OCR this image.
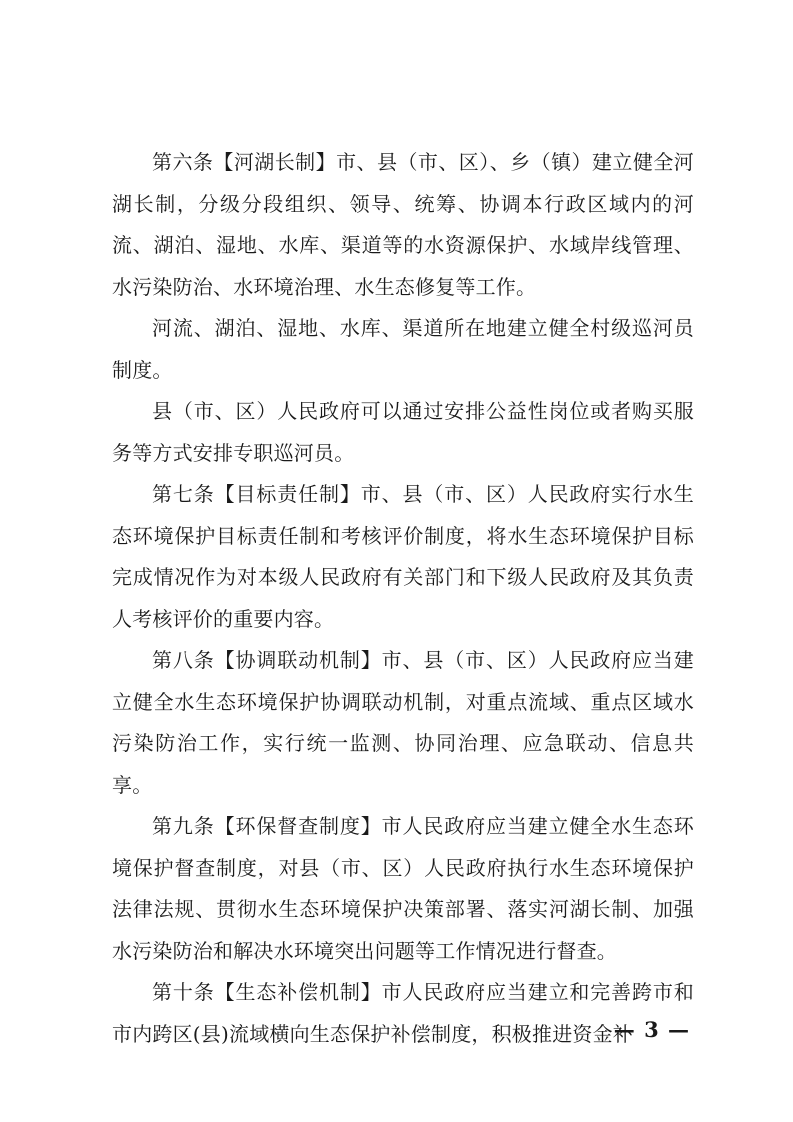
第六条【河湖长制】市、县（市、区）、乡（镇）建立健全河湖长制，分级分段组织、领导、统筹、协调本行政区域内的河流、湖泊、湿地、水库、渠道等的水资源保护、水域岸线管理、水污染防治、水环境治理、水生态修复等工作。

河流、湖泊、湿地、水库、渠道所在地建立健全村级巡河员制度。

县（市、区）人民政府可以通过安排公益性岗位或者购买服务等方式安排专职巡河员。

第七条【目标责任制】市、县（市、区）人民政府实行水生态环境保护目标责任制和考核评价制度，将水生态环境保护目标完成情况作为对本级人民政府有关部门和下级人民政府及其负责人考核评价的重要内容。

第八条【协调联动机制】市、县（市、区）人民政府应当建立健全水生态环境保护协调联动机制，对重点流域、重点区域水污染防治工作，实行统一监测、协同治理、应急联动、信息共享。

第九条【环保督查制度】市人民政府应当建立健全水生态环境保护督查制度，对县（市、区）人民政府执行水生态环境保护法律法规、贯彻水生态环境保护决策部署、落实河湖长制、加强水污染防治和解决水环境突出问题等工作情况进行督查。

第十条【生态补偿机制】市人民政府应当建立和完善跨市和市内跨区(县)流域横向生态保护补偿制度，积极推进资金补

— 3 —
